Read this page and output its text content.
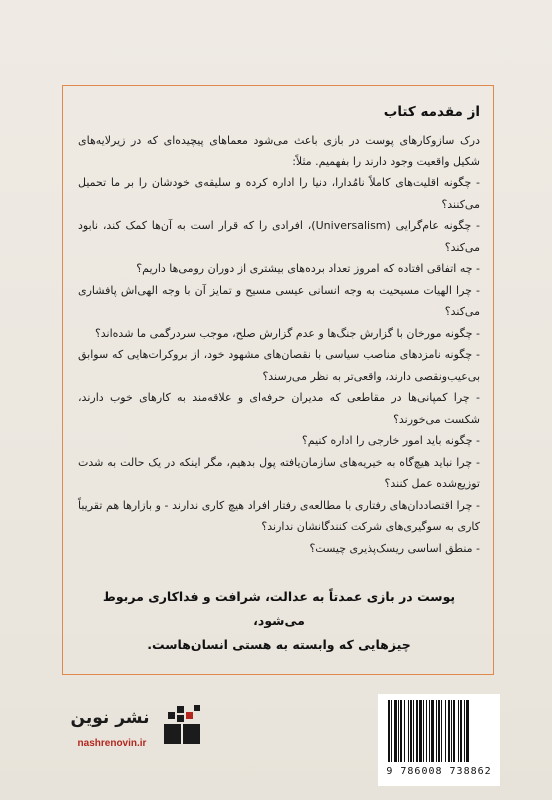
از مقدمه کتاب

درک سازوکارهای پوست در بازی باعث می‌شود معماهای پیچیده‌ای که در زیرلایه‌های شکیل واقعیت وجود دارند را بفهمیم. مثلاً:

- چگونه اقلیت‌های کاملاً نامُدارا، دنیا را اداره کرده و سلیقه‌ی خودشان را بر ما تحمیل می‌کنند؟
- چگونه عام‌گرایی (Universalism)، افرادی را که قرار است به آن‌ها کمک کند، نابود می‌کند؟
- چه اتفاقی افتاده که امروز تعداد برده‌های بیشتری از دوران رومی‌ها داریم؟
- چرا الهیات مسیحیت به وجه انسانی عیسی مسیح و تمایز آن با وجه الهی‌اش پافشاری می‌کند؟
- چگونه مورخان با گزارش جنگ‌ها و عدم گزارش صلح، موجب سردرگمی ما شده‌اند؟
- چگونه نامزدهای مناصب سیاسی با نقصان‌های مشهود خود، از بروکرات‌هایی که سوابق بی‌عیب‌ونقصی دارند، واقعی‌تر به نظر می‌رسند؟
- چرا کمپانی‌ها در مقاطعی که مدیران حرفه‌ای و علاقه‌مند به کارهای خوب دارند، شکست می‌خورند؟
- چگونه باید امور خارجی را اداره کنیم؟
- چرا نباید هیچ‌گاه به خیریه‌های سازمان‌یافته پول بدهیم، مگر اینکه در یک حالت به شدت توزیع‌شده عمل کنند؟
- چرا اقتصاددان‌های رفتاری با مطالعه‌ی رفتار افراد هیچ کاری ندارند - و بازارها هم تقریباً کاری به سوگیری‌های شرکت کنندگانشان ندارند؟
- منطق اساسی ریسک‌پذیری چیست؟
پوست در بازی عمدتاً به عدالت، شرافت و فداکاری مربوط می‌شود،
چیزهایی که وابسته به هستی انسان‌هاست.
نشر نوین
nashrenovin.ir
9 786008 738862
